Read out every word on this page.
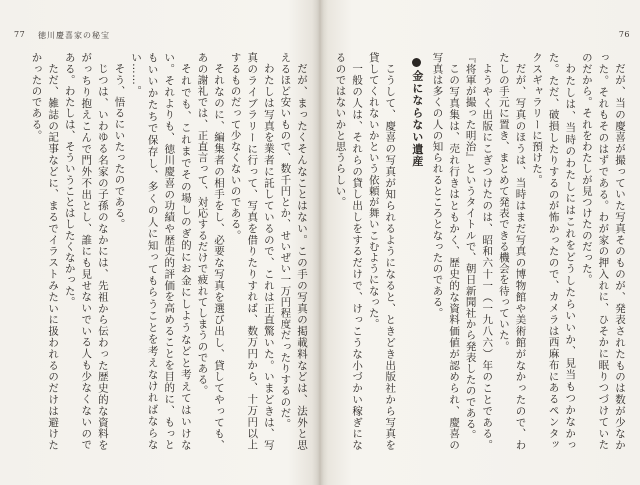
76

だが、当の慶喜が撮っていた写真そのものが、発表されたものは数が少なかった。それもそのはずである。わが家の押入れに、ひそかに眠りつづけていたのだから。それをわたしが見つけたのだった。

わたしは、当時のわたしにはこれをどうしたらいいか、見当もつかなかった。ただ、破損したりするのが怖かったので、カメラは西麻布にあるペンタックスギャラリーに預けた。

だが、写真のほうは、当時はまだ写真の博物館や美術館がなかったので、わたしの手元に置き、まとめて発表できる機会を待っていた。

ようやく出版にこぎつけたのは、昭和六十一（一九八六）年のことである。『将軍が撮った明治』というタイトルで、朝日新聞社から発表したのである。

この写真集は、売れ行きはともかく、歴史的な資料価値が認められ、慶喜の写真は多くの人の知られるところとなったのである。

金にならない遺産

こうして、慶喜の写真が知られるようになると、ときどき出版社から写真を貸してくれないかという依頼が舞いこむようになった。

一般の人は、それらの貸し出しをするだけで、けっこうな小づかい稼ぎになるのではないかと思うらしい。

77 徳川慶喜家の秘宝

だが、まったくそんなことはない。この手の写真の掲載料などは、法外と思えるほど安いもので、数千円とか、せいぜい一万円程度だったりするのだ。

わたしは写真を業者に託しているので、これは正直驚いた。いまどきは、写真のライブラリーに行って、写真を借りたりすれば、数万円から、十万円以上するものだって少なくないのである。

それなのに、編集者の相手をし、必要な写真を選び出し、貸してやっても、あの謝礼では、正直言って、対応するだけで疲れてしまうのである。

それでも、これまでその場しのぎ的にお金にしようなどと考えてはいけない。それよりも、徳川慶喜の功績や歴史的評価を高めることを目的に、もっともいいかたちで保存し、多くの人に知ってもらうことを考えなければならない……。

そう、悟るにいたったのである。

じつは、いわゆる名家の子孫のなかには、先祖から伝わった歴史的な資料をがっちり抱えこんで門外不出とし、誰にも見せないでいる人も少なくないのである。わたしは、そういうことはしたくなかった。

ただ、雑誌の記事などに、まるでイラストみたいに扱われるのだけは避けたかったのである。
